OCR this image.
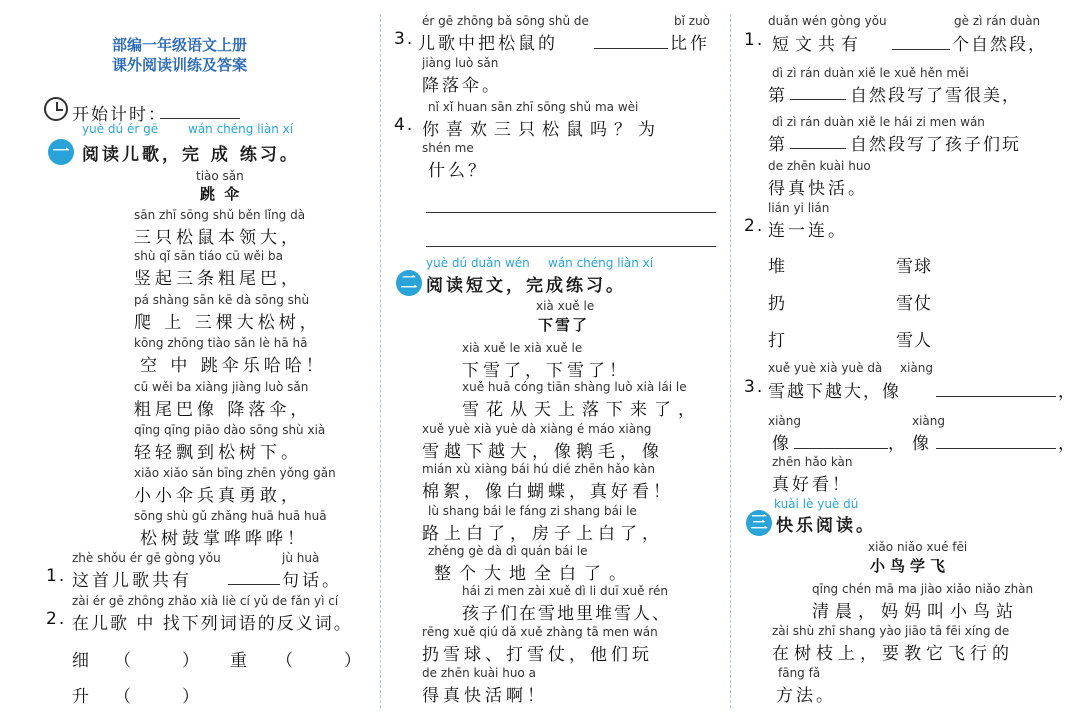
部编一年级语文上册
课外阅读训练及答案
开始计时：
yuè dú ér gē wán chéng liàn xí
一 阅读儿歌，完 成 练习。
tiào sǎn
跳 伞
sān zhī sōng shǔ běn lǐng dà
三只松鼠本领大，
shù qǐ sān tiáo cū wěi ba
竖起三条粗尾巴，
pá shàng sān kē dà sōng shù
爬 上 三棵大松树，
kōng zhōng tiào sǎn lè hā hā
空 中 跳伞乐哈哈！
cū wěi ba xiàng jiàng luò sǎn
粗尾巴像 降落伞，
qīng qīng piāo dào sōng shù xià
轻轻飘到松树下。
xiǎo xiǎo sǎn bīng zhēn yǒng gǎn
小小伞兵真勇敢，
sōng shù gǔ zhǎng huā huā huā
松树鼓掌哗哗哗！
zhè shǒu ér gē gòng yǒu	jù huà
1. 这首儿歌共有	句话。
zài ér gē zhōng zhǎo xià liè cí yǔ de fǎn yì cí
2. 在儿歌 中 找下列词语的反义词。
细 （　　　） 重 （　　　）
升 （　　　）
ér gē zhōng bǎ sōng shǔ de	bǐ zuò
3. 儿歌中把松鼠的	比作
jiàng luò sǎn
降落伞。
nǐ xǐ huan sān zhī sōng shǔ ma wèi
4. 你喜欢三只松鼠吗？为
shén me
什么？
yuè dú duǎn wén wán chéng liàn xí
二 阅读短文，完成练习。
xià xuě le
下雪了
xià xuě le xià xuě le
下雪了，下雪了！
xuě huā cóng tiān shàng luò xià lái le
雪花从天上落下来了，
xuě yuè xià yuè dà xiàng é máo xiàng
雪越下越大，像鹅毛，像
mián xù xiàng bái hú dié zhēn hǎo kàn
棉絮，像白蝴蝶，真好看！
lù shang bái le fáng zi shang bái le
路上白了，房子上白了，
zhěng gè dà dì quán bái le
整个大地全白了。
hái zi men zài xuě dì li duī xuě rén
孩子们在雪地里堆雪人、
rēng xuě qiú dǎ xuě zhàng tā men wán
扔雪球、打雪仗，他们玩
de zhēn kuài huo a
得真快活啊！
duǎn wén gòng yǒu	gè zì rán duàn
1. 短文共有	个自然段，
dì zì rán duàn xiě le xuě hěn měi
第	自然段写了雪很美，
dì zì rán duàn xiě le hái zi men wán
第	自然段写了孩子们玩
de zhēn kuài huo
得真快活。
lián yi lián
2. 连一连。
堆	雪球
扔	雪仗
打	雪人
xuě yuè xià yuè dà xiàng
3. 雪越下越大，像	，
xiàng	xiàng
像	， 像	，
zhēn hǎo kàn
真好看！
kuài lè yuè dú
三 快乐阅读。
xiǎo niǎo xué fēi
小鸟学飞
qīng chén mā ma jiào xiǎo niǎo zhàn
清晨，妈妈叫小鸟站
zài shù zhī shang yào jiāo tā fēi xíng de
在树枝上，要教它飞行的
fāng fǎ
方法。
